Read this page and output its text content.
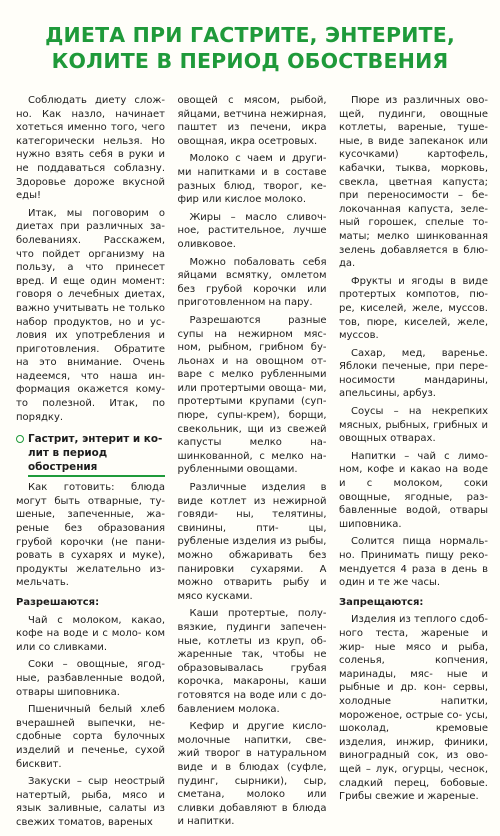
ДИЕТА ПРИ ГАСТРИТЕ, ЭНТЕРИТЕ,
КОЛИТЕ В ПЕРИОД ОБОСТВЕНИЯ

Соблюдать диету слож- но. Как назло, начинает хотеться именно того, чего категорически нельзя. Но нужно взять себя в руки и не поддаваться соблазну. Здоровье дороже вкусной еды!

Итак, мы поговорим о диетах при различных за- болеваниях. Расскажем, что пойдет организму на пользу, а что принесет вред. И еще один момент: говоря о лечебных диетах, важно учитывать не только набор продуктов, но и ус- ловия их употребления и приготовления. Обратите на это внимание. Очень надеемся, что наша ин- формация окажется кому-то полезной. Итак, по порядку.

Гастрит, энтерит и ко-
лит в период обострения

Как готовить: блюда могут быть отварные, ту- шеные, запеченные, жа- реные без образования грубой корочки (не пани- ровать в сухарях и муке), продукты желательно из- мельчать.

Разрешаются:

Чай с молоком, какао, кофе на воде и с моло- ком или со сливками.

Соки – овощные, ягод- ные, разбавленные водой, отвары шиповника.

Пшеничный белый хлеб вчерашней выпечки, не- сдобные сорта булочных изделий и печенье, сухой бисквит.

Закуски – сыр неострый натертый, рыба, мясо и язык заливные, салаты из свежих томатов, вареных

овощей с мясом, рыбой, яйцами, ветчина нежирная, паштет из печени, икра овощная, икра осетровых.

Молоко с чаем и други- ми напитками и в составе разных блюд, творог, ке- фир или кислое молоко.

Жиры – масло сливоч- ное, растительное, лучше оливковое.

Можно побаловать себя яйцами всмятку, омлетом без грубой корочки или приготовленном на пару.

Разрешаются разные супы на нежирном мяс- ном, рыбном, грибном бу- льонах и на овощном от- варе с мелко рубленными или протертыми овоща- ми, протертыми крупами (суп-пюре, супы-крем), борщи, свекольник, щи из свежей капусты мелко на- шинкованной, с мелко на- рубленными овощами.

Различные изделия в виде котлет из нежирной говяди- ны, телятины, свинины, пти- цы, рубленые изделия из рыбы, можно обжаривать без панировки сухарями. А можно отварить рыбу и мясо кусками.

Каши протертые, полу- вязкие, пудинги запечен- ные, котлеты из круп, об- жаренные так, чтобы не образовывалась грубая корочка, макароны, каши готовятся на воде или с до- бавлением молока.

Кефир и другие кисло- молочные напитки, све- жий творог в натуральном виде и в блюдах (суфле, пудинг, сырники), сыр, сметана, молоко или сливки добавляют в блюда и напитки.

Пюре из различных ово- щей, пудинги, овощные котлеты, вареные, туше- ные, в виде запеканок или кусочками) картофель, кабачки, тыква, морковь, свекла, цветная капуста; при переносимости – бе- локочанная капуста, зеле- ный горошек, спелые то- маты; мелко шинкованная зелень добавляется в блю- да.

Фрукты и ягоды в виде протертых компотов, пю- ре, киселей, желе, муссов. тов, пюре, киселей, желе, муссов.

Сахар, мед, варенье. Яблоки печеные, при пере- носимости мандарины, апельсины, арбуз.

Соусы – на некрепких мясных, рыбных, грибных и овощных отварах.

Напитки – чай с лимо- ном, кофе и какао на воде и с молоком, соки овощные, ягодные, раз- бавленные водой, отвары шиповника.

Солится пища нормаль- но. Принимать пищу реко- мендуется 4 раза в день в один и те же часы.

Запрещаются:

Изделия из теплого сдоб- ного теста, жареные и жир- ные мясо и рыба, соленья, копчения, маринады, мяс- ные и рыбные и др. кон- сервы, холодные напитки, мороженое, острые со- усы, шоколад, кремовые изделия, инжир, финики, виноградный сок, из ово- щей – лук, огурцы, чеснок, сладкий перец, бобовые. Грибы свежие и жареные.
